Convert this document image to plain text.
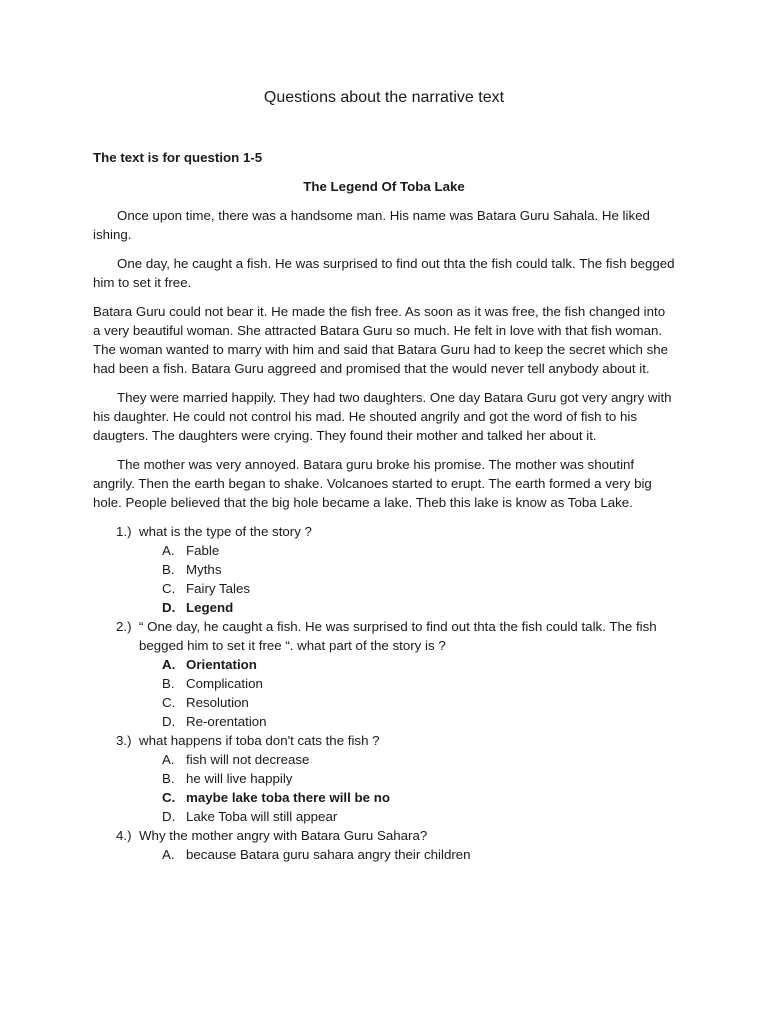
Questions about the narrative text

The text is for question 1-5

The Legend Of Toba Lake

Once upon time, there was a handsome man. His name was Batara Guru Sahala. He liked ishing.

One day, he caught a fish. He was surprised to find out thta the fish could talk. The fish begged him to set it free.

Batara Guru could not bear it. He made the fish free. As soon as it was free, the fish changed into a very beautiful woman. She attracted Batara Guru so much. He felt in love with that fish woman. The woman wanted to marry with him and said that Batara Guru had to keep the secret which she had been a fish. Batara Guru aggreed and promised that the would never tell anybody about it.

They were married happily. They had two daughters. One day Batara Guru got very angry with his daughter. He could not control his mad. He shouted angrily and got the word of fish to his daugters. The daughters were crying. They found their mother and talked her about it.

The mother was very annoyed. Batara guru broke his promise. The mother was shoutinf angrily. Then the earth began to shake. Volcanoes started to erupt. The earth formed a very big hole. People believed that the big hole became a lake. Theb this lake is know as Toba Lake.

1.) what is the type of the story ?
A. Fable
B. Myths
C. Fairy Tales
D. Legend
2.) “ One day, he caught a fish. He was surprised to find out thta the fish could talk. The fish begged him to set it free “. what part of the story is ?
A. Orientation
B. Complication
C. Resolution
D. Re-orentation
3.) what happens if toba don't cats the fish ?
A. fish will not decrease
B. he will live happily
C. maybe lake toba there will be no
D. Lake Toba will still appear
4.) Why the mother angry with Batara Guru Sahara?
A. because Batara guru sahara angry their children
